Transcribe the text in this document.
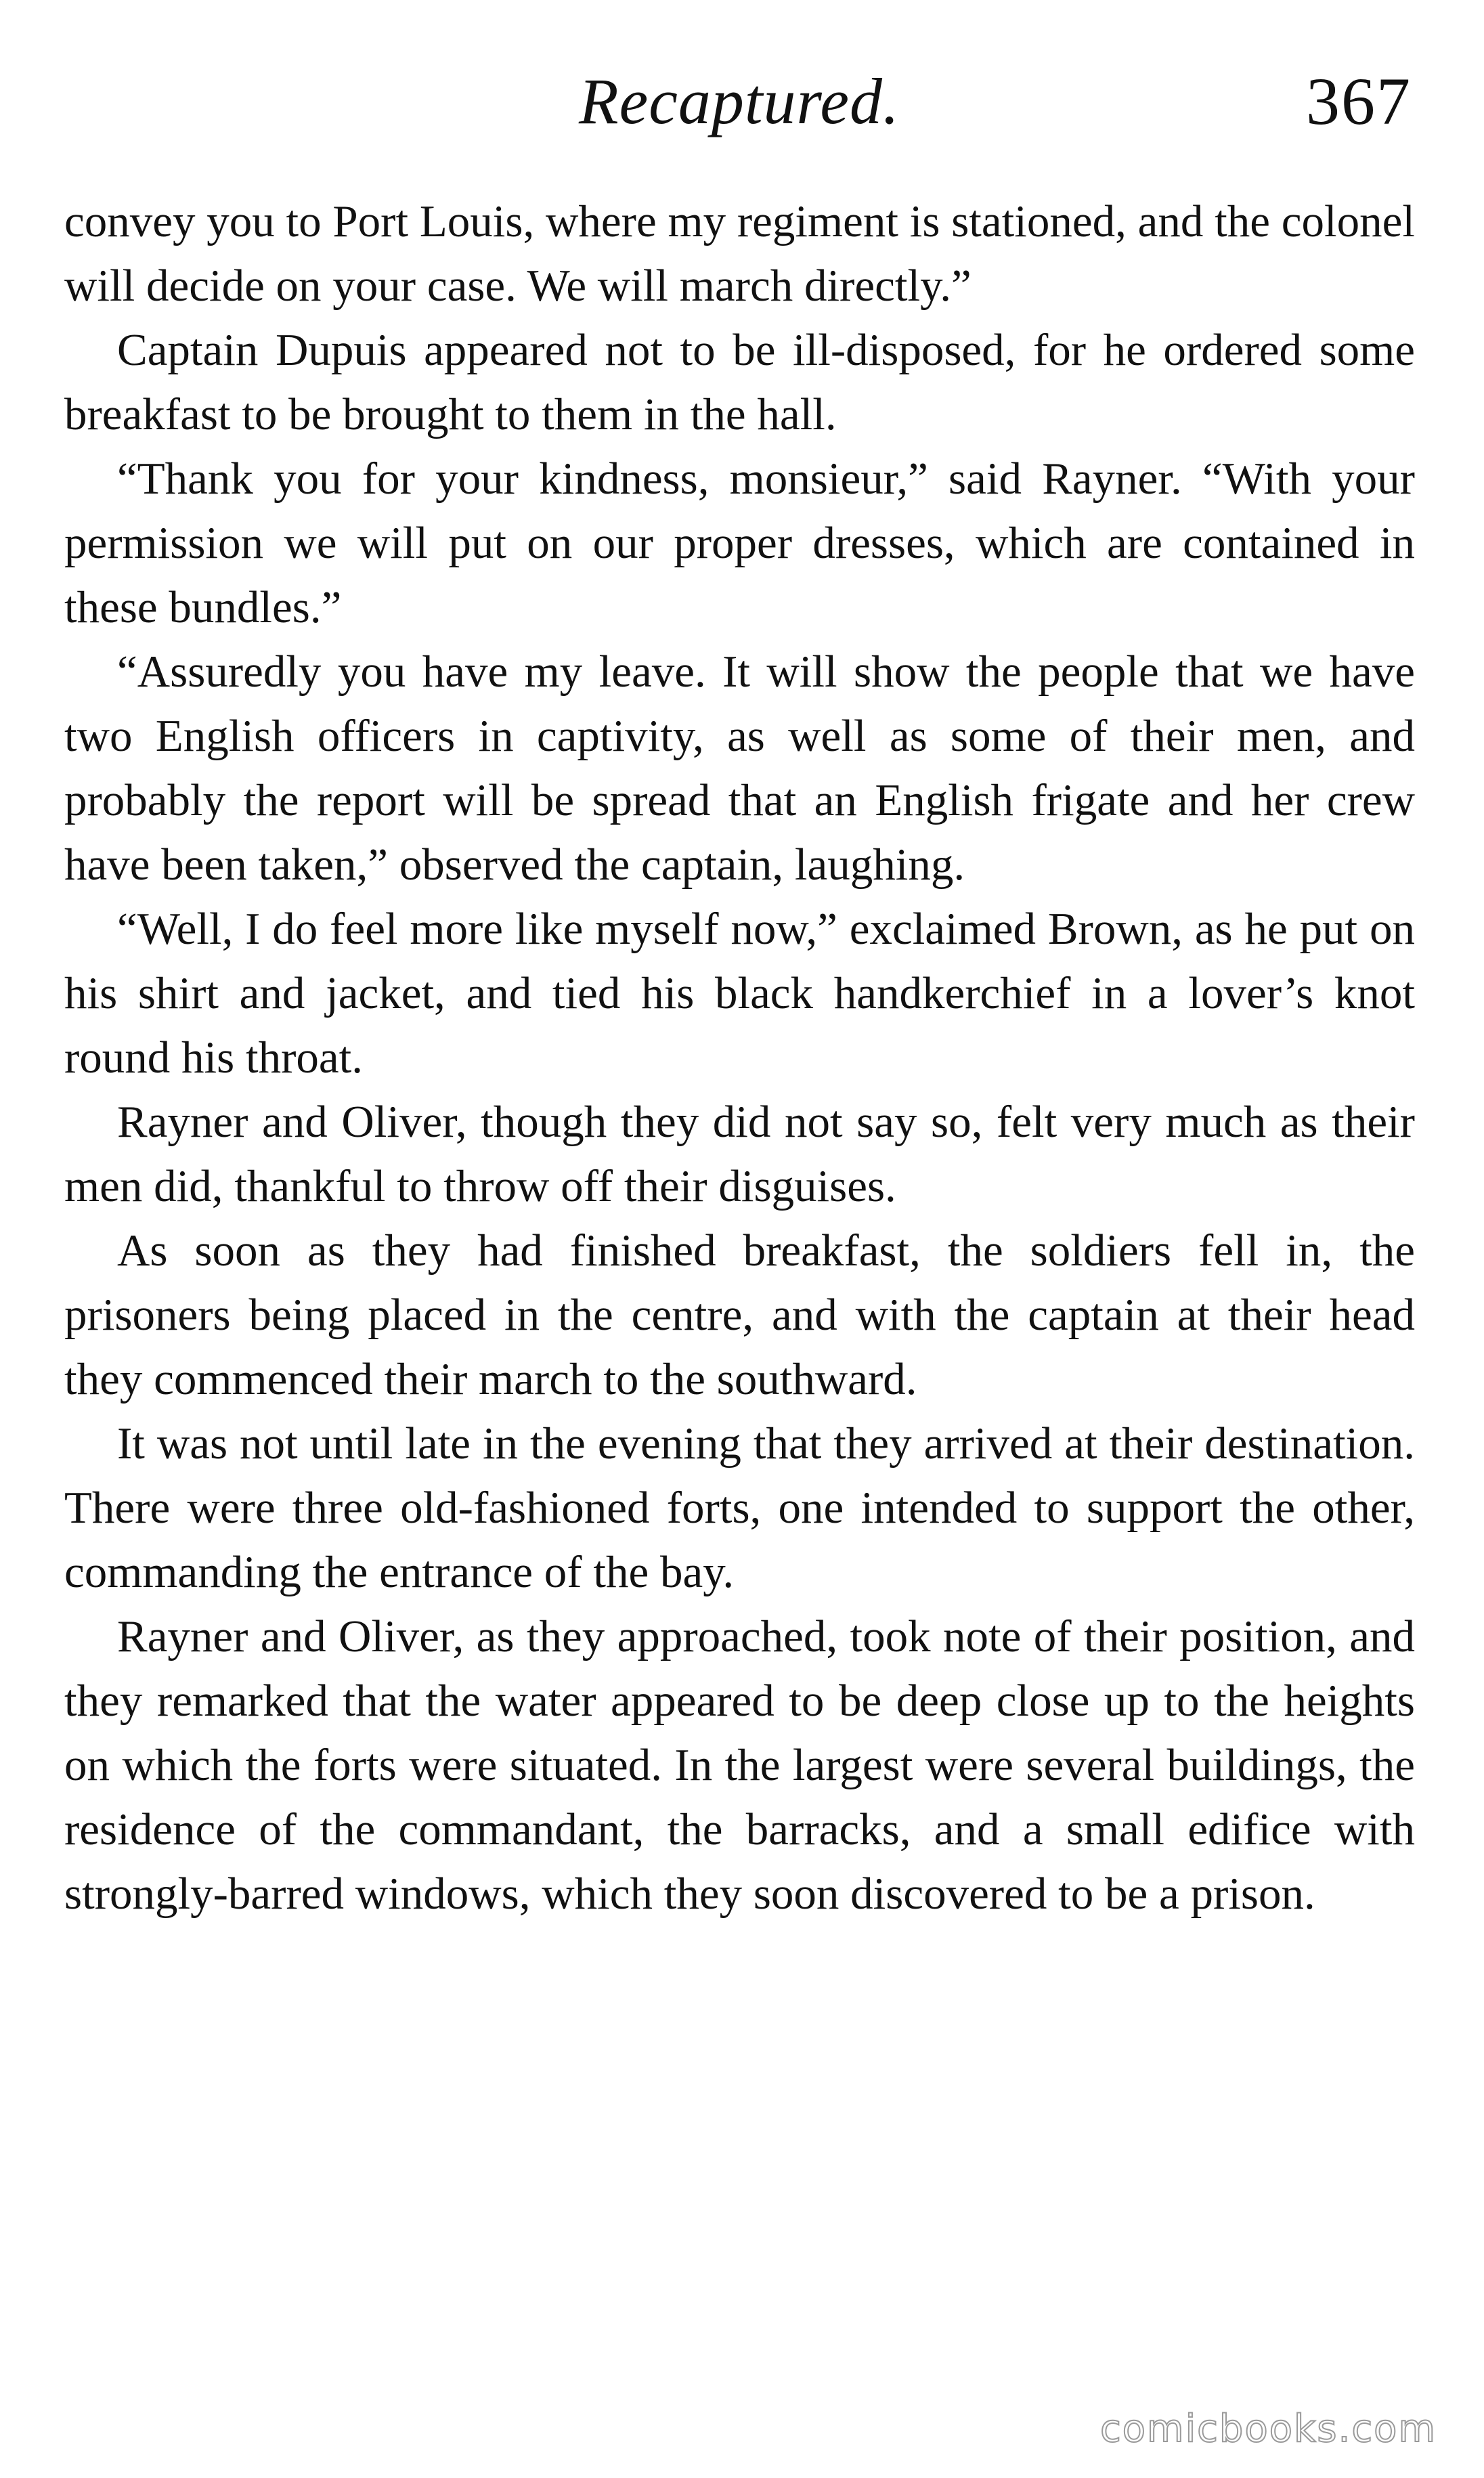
Recaptured.	367

convey you to Port Louis, where my regiment is stationed, and the colonel will decide on your case. We will march directly.”

Captain Dupuis appeared not to be ill-disposed, for he ordered some breakfast to be brought to them in the hall.

“Thank you for your kindness, monsieur,” said Rayner. “With your permission we will put on our proper dresses, which are contained in these bundles.”

“Assuredly you have my leave. It will show the people that we have two English officers in captivity, as well as some of their men, and probably the report will be spread that an English frigate and her crew have been taken,” observed the captain, laughing.

“Well, I do feel more like myself now,” exclaimed Brown, as he put on his shirt and jacket, and tied his black handkerchief in a lover’s knot round his throat.

Rayner and Oliver, though they did not say so, felt very much as their men did, thankful to throw off their disguises.

As soon as they had finished breakfast, the soldiers fell in, the prisoners being placed in the centre, and with the captain at their head they commenced their march to the southward.

It was not until late in the evening that they arrived at their destination. There were three old-fashioned forts, one intended to support the other, commanding the entrance of the bay.

Rayner and Oliver, as they approached, took note of their position, and they remarked that the water appeared to be deep close up to the heights on which the forts were situated. In the largest were several buildings, the residence of the commandant, the barracks, and a small edifice with strongly-barred windows, which they soon discovered to be a prison.

comicbooks.com
